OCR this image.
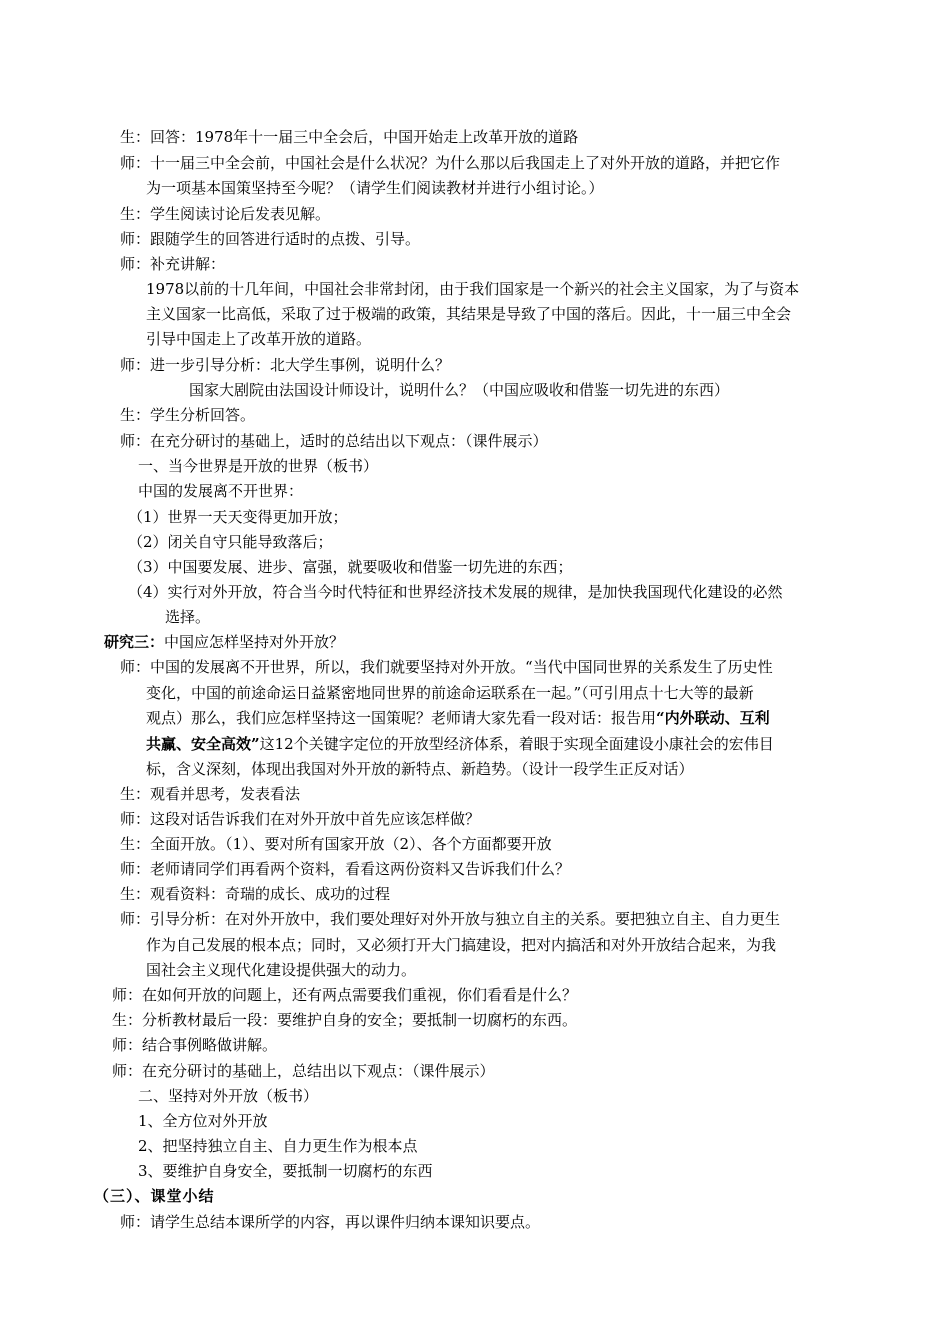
生：回答：1978年十一届三中全会后，中国开始走上改革开放的道路
师：十一届三中全会前，中国社会是什么状况？为什么那以后我国走上了对外开放的道路，并把它作
为一项基本国策坚持至今呢？（请学生们阅读教材并进行小组讨论。）
生：学生阅读讨论后发表见解。
师：跟随学生的回答进行适时的点拨、引导。
师：补充讲解：
1978以前的十几年间，中国社会非常封闭，由于我们国家是一个新兴的社会主义国家，为了与资本
主义国家一比高低，采取了过于极端的政策，其结果是导致了中国的落后。因此，十一届三中全会
引导中国走上了改革开放的道路。
师：进一步引导分析：北大学生事例，说明什么？
国家大剧院由法国设计师设计，说明什么？（中国应吸收和借鉴一切先进的东西）
生：学生分析回答。
师：在充分研讨的基础上，适时的总结出以下观点：（课件展示）
一、当今世界是开放的世界（板书）
中国的发展离不开世界：
（1）世界一天天变得更加开放；
（2）闭关自守只能导致落后；
（3）中国要发展、进步、富强，就要吸收和借鉴一切先进的东西；
（4）实行对外开放，符合当今时代特征和世界经济技术发展的规律，是加快我国现代化建设的必然
选择。
研究三：中国应怎样坚持对外开放？
师：中国的发展离不开世界，所以，我们就要坚持对外开放。“当代中国同世界的关系发生了历史性
变化，中国的前途命运日益紧密地同世界的前途命运联系在一起。”（可引用点十七大等的最新
观点）那么，我们应怎样坚持这一国策呢？老师请大家先看一段对话：报告用“内外联动、互利
共赢、安全高效”这12个关键字定位的开放型经济体系，着眼于实现全面建设小康社会的宏伟目
标，含义深刻，体现出我国对外开放的新特点、新趋势。（设计一段学生正反对话）
生：观看并思考，发表看法
师：这段对话告诉我们在对外开放中首先应该怎样做？
生：全面开放。（1）、要对所有国家开放（2）、各个方面都要开放
师：老师请同学们再看两个资料，看看这两份资料又告诉我们什么？
生：观看资料：奇瑞的成长、成功的过程
师：引导分析：在对外开放中，我们要处理好对外开放与独立自主的关系。要把独立自主、自力更生
作为自己发展的根本点；同时，又必须打开大门搞建设，把对内搞活和对外开放结合起来，为我
国社会主义现代化建设提供强大的动力。
师：在如何开放的问题上，还有两点需要我们重视，你们看看是什么？
生：分析教材最后一段：要维护自身的安全；要抵制一切腐朽的东西。
师：结合事例略做讲解。
师：在充分研讨的基础上，总结出以下观点：（课件展示）
二、坚持对外开放（板书）
1、全方位对外开放
2、把坚持独立自主、自力更生作为根本点
3、要维护自身安全，要抵制一切腐朽的东西
（三）、课堂小结
师：请学生总结本课所学的内容，再以课件归纳本课知识要点。
